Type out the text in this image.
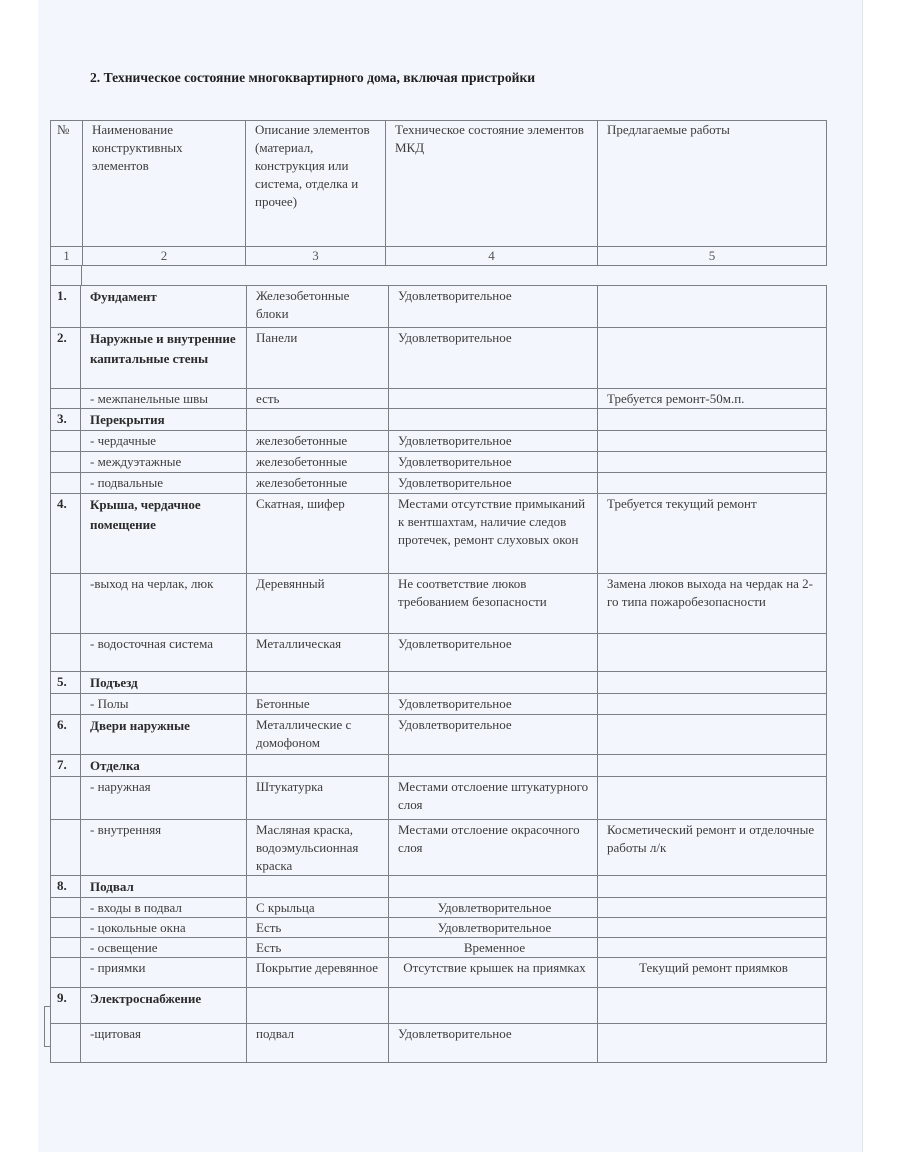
2. Техническое состояние многоквартирного дома, включая пристройки
№	Наименование конструктивных элементов	Описание элементов (материал, конструкция или система, отделка и прочее)	Техническое состояние элементов МКД	Предлагаемые работы
1	2	3	4	5
1.	Фундамент	Железобетонные блоки	Удовлетворительное	
2.	Наружные и внутренние капитальные стены	Панели	Удовлетворительное	
	- межпанельные швы	есть		Требуется ремонт-50м.п.
3.	Перекрытия			
	- чердачные	железобетонные	Удовлетворительное	
	- междуэтажные	железобетонные	Удовлетворительное	
	- подвальные	железобетонные	Удовлетворительное	
4.	Крыша, чердачное помещение	Скатная, шифер	Местами отсутствие примыканий к вентшахтам, наличие следов протечек, ремонт слуховых окон	Требуется текущий ремонт
	-выход на черлак, люк	Деревянный	Не соответствие люков требованием безопасности	Замена люков выхода на чердак на 2-го типа пожаробезопасности
	- водосточная система	Металлическая	Удовлетворительное	
5.	Подъезд			
	- Полы	Бетонные	Удовлетворительное	
6.	Двери наружные	Металлические с домофоном	Удовлетворительное	
7.	Отделка			
	- наружная	Штукатурка	Местами отслоение штукатурного слоя	
	- внутренняя	Масляная краска, водоэмульсионная краска	Местами отслоение окрасочного слоя	Косметический ремонт и отделочные работы л/к
8.	Подвал			
	- входы в подвал	С крыльца	Удовлетворительное	
	- цокольные окна	Есть	Удовлетворительное	
	- освещение	Есть	Временное	
	- приямки	Покрытие деревянное	Отсутствие крышек на приямках	Текущий ремонт приямков
9.	Электроснабжение			
	-щитовая	подвал	Удовлетворительное	
